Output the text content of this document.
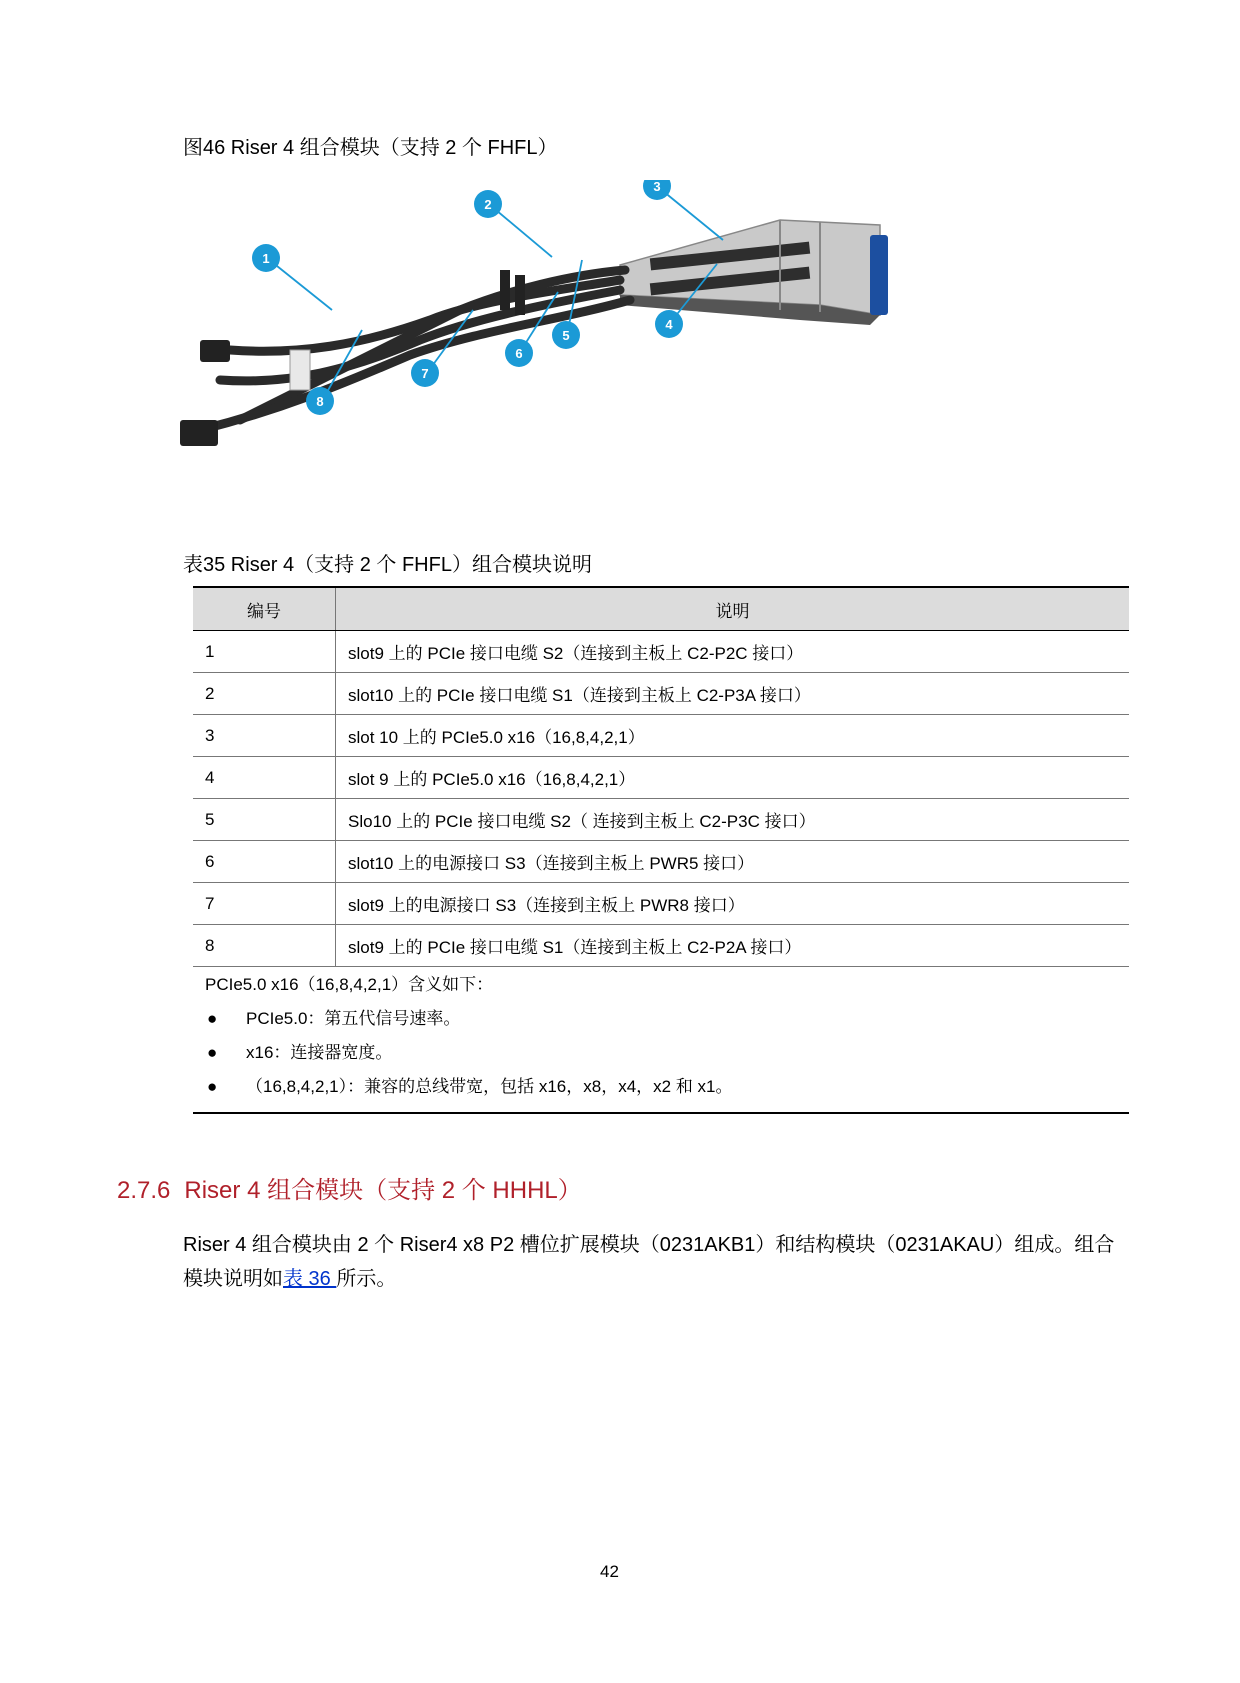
图46 Riser 4 组合模块（支持 2 个 FHFL）
1
2
3
4
5
6
7
8
表35 Riser 4（支持 2 个 FHFL）组合模块说明
编号	说明
1	slot9 上的 PCIe 接口电缆 S2（连接到主板上 C2-P2C 接口）
2	slot10 上的 PCIe 接口电缆 S1（连接到主板上 C2-P3A 接口）
3	slot 10 上的 PCIe5.0 x16（16,8,4,2,1）
4	slot 9 上的 PCIe5.0 x16（16,8,4,2,1）
5	Slo10 上的 PCIe 接口电缆 S2（ 连接到主板上 C2-P3C 接口）
6	slot10 上的电源接口 S3（连接到主板上 PWR5 接口）
7	slot9 上的电源接口 S3（连接到主板上 PWR8 接口）
8	slot9 上的 PCIe 接口电缆 S1（连接到主板上 C2-P2A 接口）
PCIe5.0 x16（16,8,4,2,1）含义如下：
● PCIe5.0：第五代信号速率。
● x16：连接器宽度。
● （16,8,4,2,1）：兼容的总线带宽，包括 x16，x8，x4，x2 和 x1。
2.7.6 Riser 4 组合模块（支持 2 个 HHHL）
Riser 4 组合模块由 2 个 Riser4 x8 P2 槽位扩展模块（0231AKB1）和结构模块（0231AKAU）组成。组合模块说明如表 36 所示。
42
